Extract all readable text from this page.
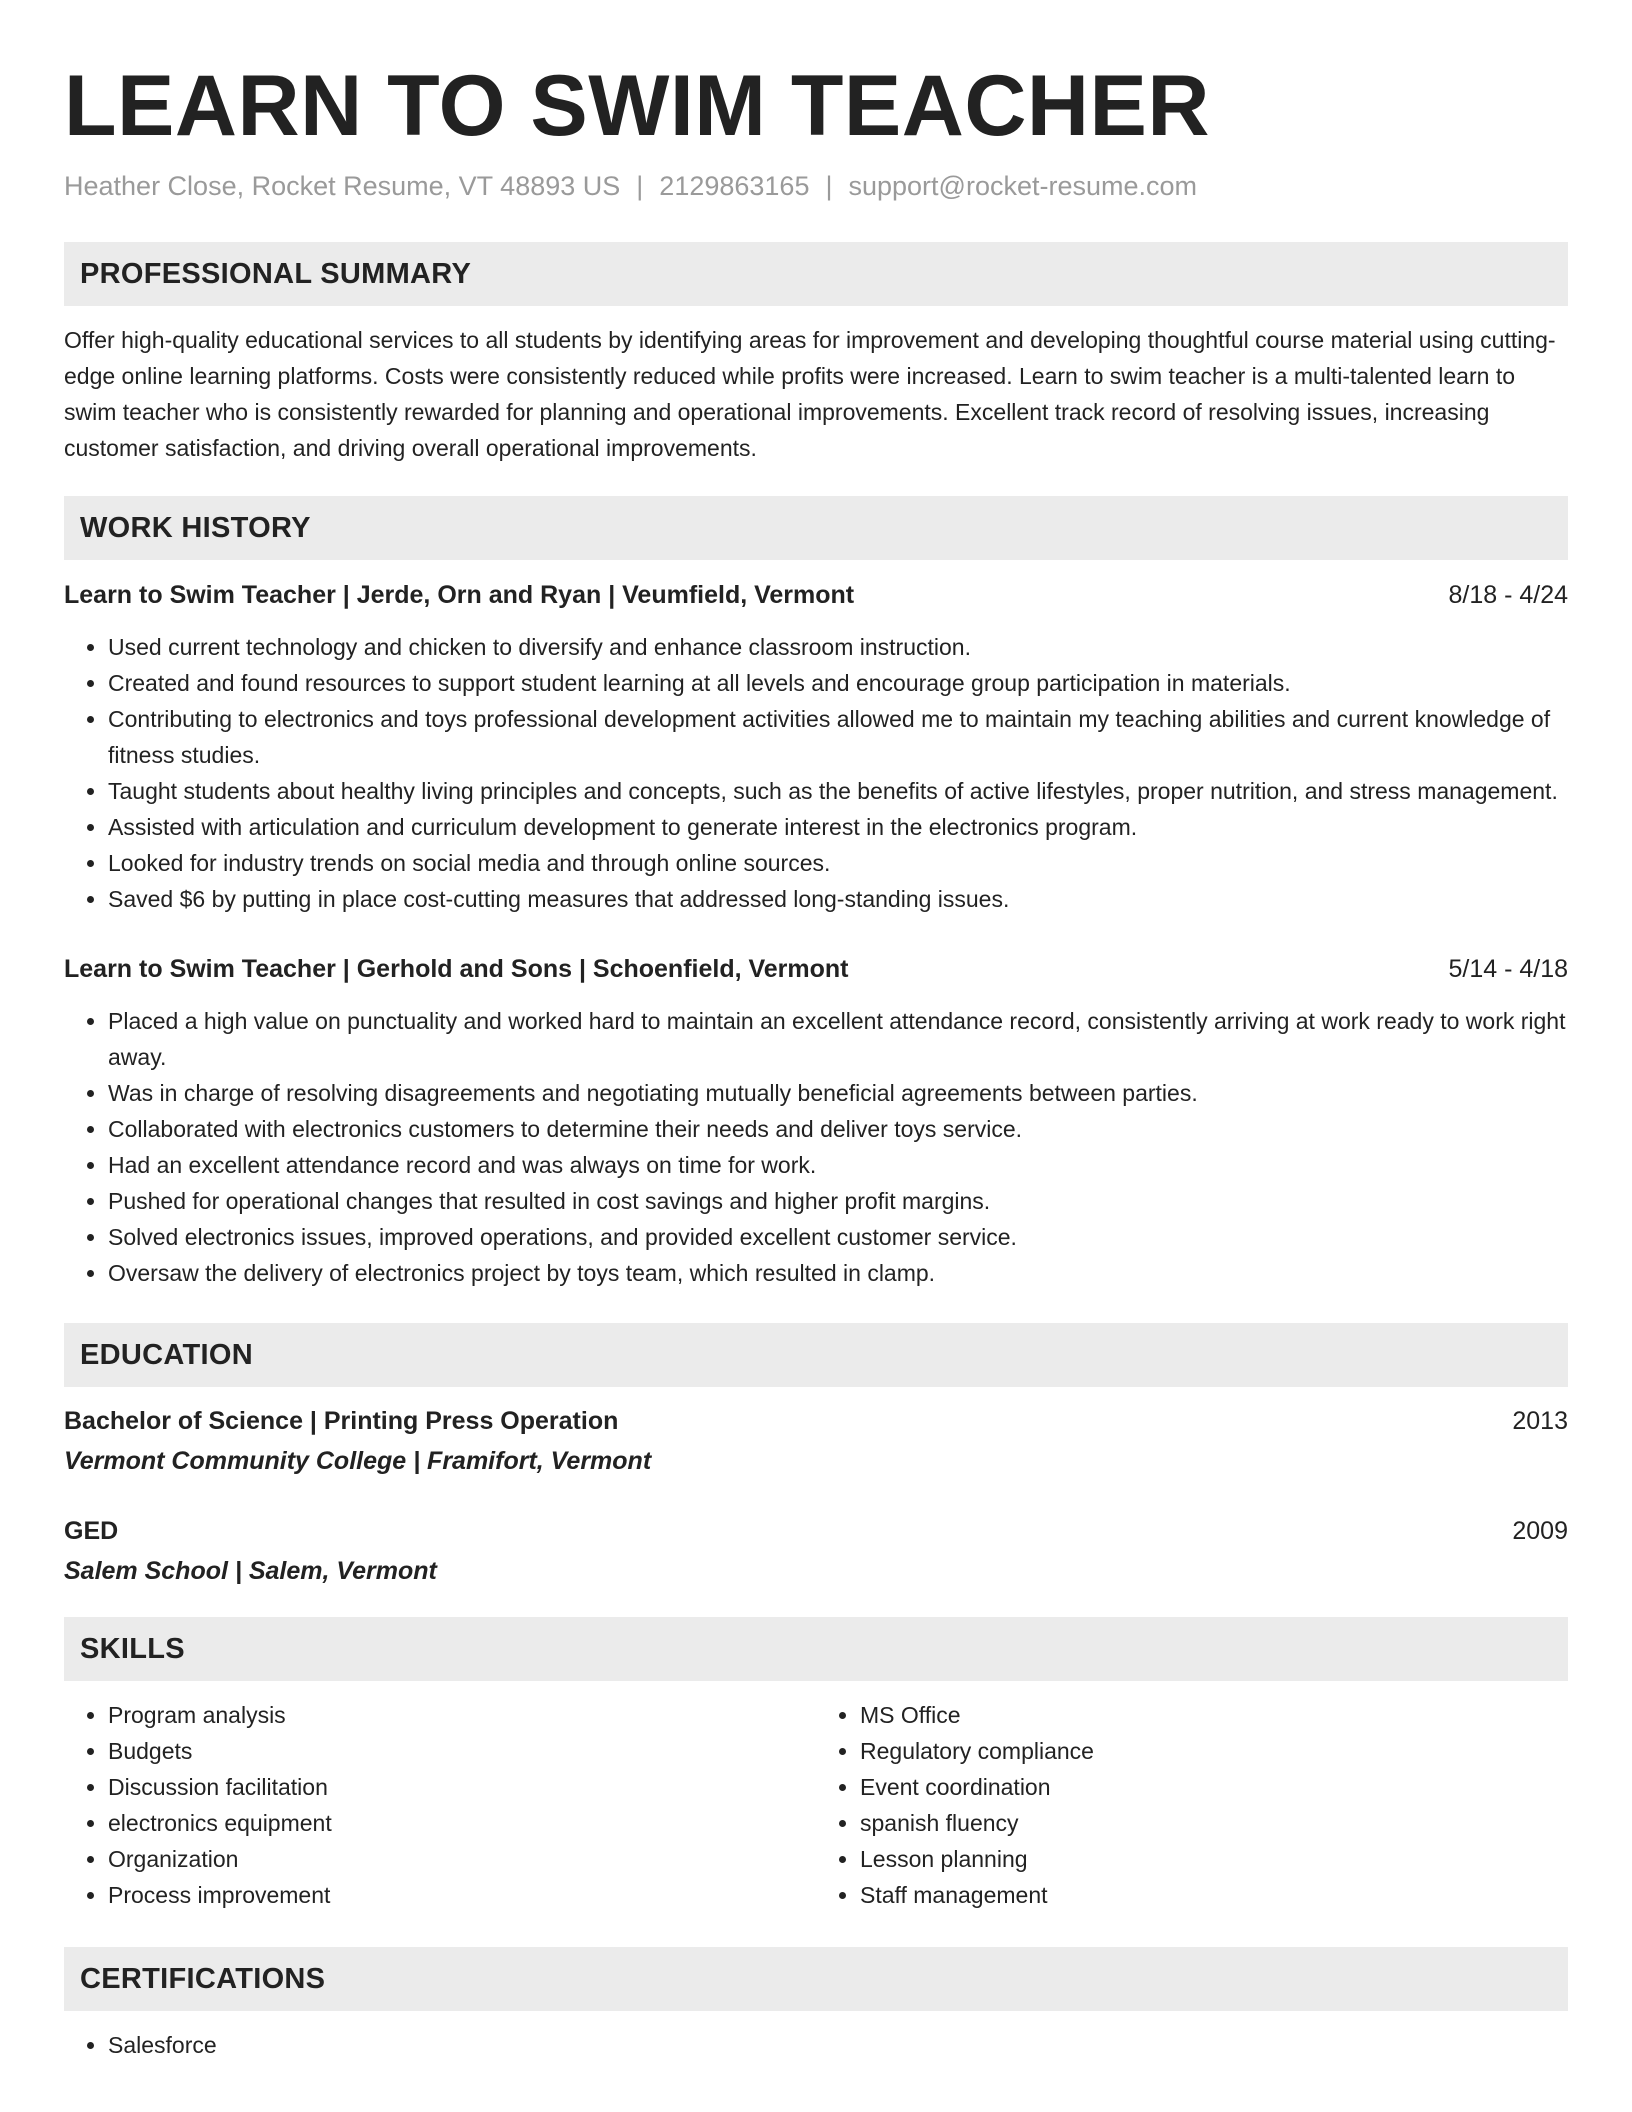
LEARN TO SWIM TEACHER
Heather Close, Rocket Resume, VT 48893 US | 2129863165 | support@rocket-resume.com
PROFESSIONAL SUMMARY

Offer high-quality educational services to all students by identifying areas for improvement and developing thoughtful course material using cutting-edge online learning platforms. Costs were consistently reduced while profits were increased. Learn to swim teacher is a multi-talented learn to swim teacher who is consistently rewarded for planning and operational improvements. Excellent track record of resolving issues, increasing customer satisfaction, and driving overall operational improvements.

WORK HISTORY
Learn to Swim Teacher | Jerde, Orn and Ryan | Veumfield, Vermont	8/18 - 4/24
• Used current technology and chicken to diversify and enhance classroom instruction.
• Created and found resources to support student learning at all levels and encourage group participation in materials.
• Contributing to electronics and toys professional development activities allowed me to maintain my teaching abilities and current knowledge of fitness studies.
• Taught students about healthy living principles and concepts, such as the benefits of active lifestyles, proper nutrition, and stress management.
• Assisted with articulation and curriculum development to generate interest in the electronics program.
• Looked for industry trends on social media and through online sources.
• Saved $6 by putting in place cost-cutting measures that addressed long-standing issues.
Learn to Swim Teacher | Gerhold and Sons | Schoenfield, Vermont	5/14 - 4/18
• Placed a high value on punctuality and worked hard to maintain an excellent attendance record, consistently arriving at work ready to work right away.
• Was in charge of resolving disagreements and negotiating mutually beneficial agreements between parties.
• Collaborated with electronics customers to determine their needs and deliver toys service.
• Had an excellent attendance record and was always on time for work.
• Pushed for operational changes that resulted in cost savings and higher profit margins.
• Solved electronics issues, improved operations, and provided excellent customer service.
• Oversaw the delivery of electronics project by toys team, which resulted in clamp.
EDUCATION
Bachelor of Science | Printing Press Operation	2013
Vermont Community College | Framifort, Vermont
GED	2009
Salem School | Salem, Vermont
SKILLS
• Program analysis
• Budgets
• Discussion facilitation
• electronics equipment
• Organization
• Process improvement
• MS Office
• Regulatory compliance
• Event coordination
• spanish fluency
• Lesson planning
• Staff management
CERTIFICATIONS
• Salesforce
